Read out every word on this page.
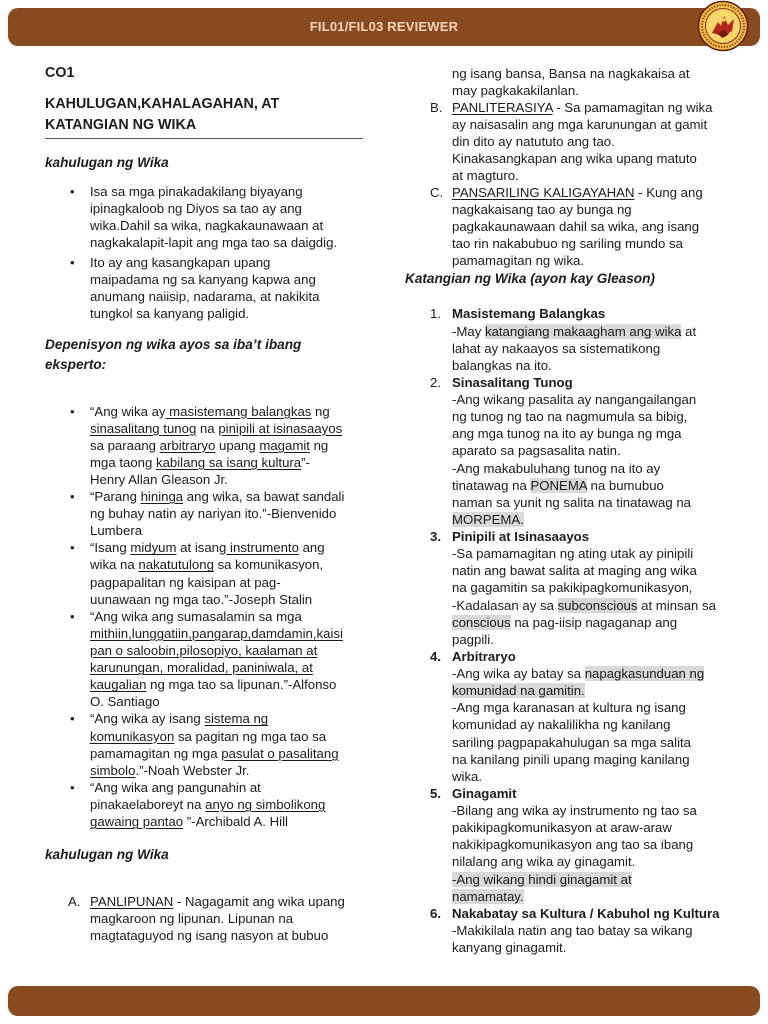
FIL01/FIL03 REVIEWER
CO1
KAHULUGAN,KAHALAGAHAN, AT
KATANGIAN NG WIKA
kahulugan ng Wika
• Isa sa mga pinakadakilang biyayang
ipinagkaloob ng Diyos sa tao ay ang
wika.Dahil sa wika, nagkakaunawaan at
nagkakalapit-lapit ang mga tao sa daigdig.
• Ito ay ang kasangkapan upang
maipadama ng sa kanyang kapwa ang
anumang naiisip, nadarama, at nakikita
tungkol sa kanyang paligid.
Depenisyon ng wika ayos sa iba’t ibang
eksperto:
• “Ang wika ay masistemang balangkas ng
sinasalitang tunog na pinipili at isinasaayos
sa paraang arbitraryo upang magamit ng
mga taong kabilang sa isang kultura”-
Henry Allan Gleason Jr.
• “Parang hininga ang wika, sa bawat sandali
ng buhay natin ay nariyan ito.”-Bienvenido
Lumbera
• “Isang midyum at isang instrumento ang
wika na nakatutulong sa komunikasyon,
pagpapalitan ng kaisipan at pag-
uunawaan ng mga tao.”-Joseph Stalin
• “Ang wika ang sumasalamin sa mga
mithiin,lunggatiin,pangarap,damdamin,kaisi
pan o saloobin,pilosopiyo, kaalaman at
karunungan, moralidad, paniniwala, at
kaugalian ng mga tao sa lipunan.”-Alfonso
O. Santiago
• “Ang wika ay isang sistema ng
komunikasyon sa pagitan ng mga tao sa
pamamagitan ng mga pasulat o pasalitang
simbolo.”-Noah Webster Jr.
• “Ang wika ang pangunahin at
pinakaelaboreyt na anyo ng simbolikong
gawaing pantao ”-Archibald A. Hill
kahulugan ng Wika
A. PANLIPUNAN - Nagagamit ang wika upang
magkaroon ng lipunan. Lipunan na
magtataguyod ng isang nasyon at bubuo
ng isang bansa, Bansa na nagkakaisa at
may pagkakakilanlan.
B. PANLITERASIYA - Sa pamamagitan ng wika
ay naisasalin ang mga karunungan at gamit
din dito ay natututo ang tao.
Kinakasangkapan ang wika upang matuto
at magturo.
C. PANSARILING KALIGAYAHAN - Kung ang
nagkakaisang tao ay bunga ng
pagkakaunawaan dahil sa wika, ang isang
tao rin nakabubuo ng sariling mundo sa
pamamagitan ng wika.
Katangian ng Wika (ayon kay Gleason)
1. Masistemang Balangkas
-May katangiang makaagham ang wika at
lahat ay nakaayos sa sistematikong
balangkas na ito.
2. Sinasalitang Tunog
-Ang wikang pasalita ay nangangailangan
ng tunog ng tao na nagmumula sa bibig,
ang mga tunog na ito ay bunga ng mga
aparato sa pagsasalita natin.
-Ang makabuluhang tunog na ito ay
tinatawag na PONEMA na bumubuo
naman sa yunit ng salita na tinatawag na
MORPEMA.
3. Pinipili at Isinasaayos
-Sa pamamagitan ng ating utak ay pinipili
natin ang bawat salita at maging ang wika
na gagamitin sa pakikipagkomunikasyon,
-Kadalasan ay sa subconscious at minsan sa
conscious na pag-iisip nagaganap ang
pagpili.
4. Arbitraryo
-Ang wika ay batay sa napagkasunduan ng
komunidad na gamitin.
-Ang mga karanasan at kultura ng isang
komunidad ay nakalilikha ng kanilang
sariling pagpapakahulugan sa mga salita
na kanilang pinili upang maging kanilang
wika.
5. Ginagamit
-Bilang ang wika ay instrumento ng tao sa
pakikipagkomunikasyon at araw-araw
nakikipagkomunikasyon ang tao sa ibang
nilalang ang wika ay ginagamit.
-Ang wikang hindi ginagamit at
namamatay.
6. Nakabatay sa Kultura / Kabuhol ng Kultura
-Makikilala natin ang tao batay sa wikang
kanyang ginagamit.
